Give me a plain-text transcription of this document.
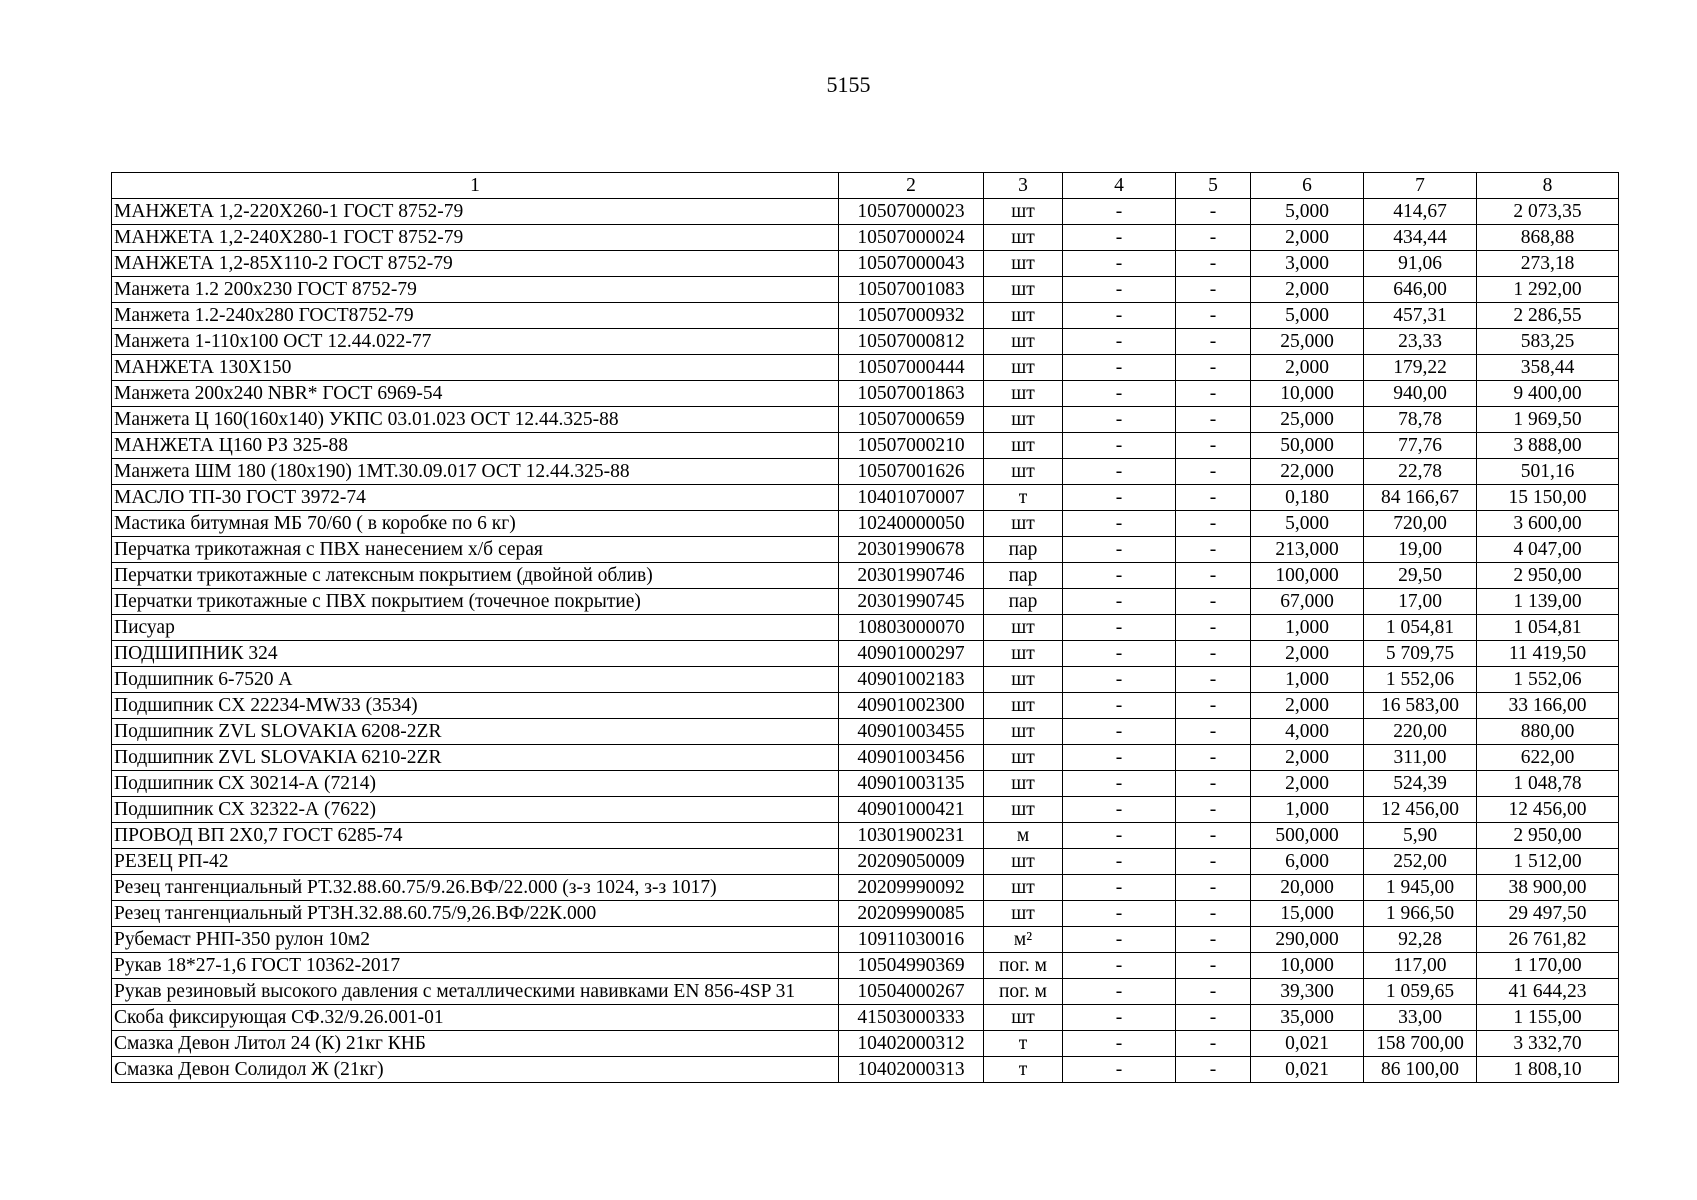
5155
1	2	3	4	5	6	7	8
МАНЖЕТА 1,2-220Х260-1 ГОСТ 8752-79	10507000023	шт	-	-	5,000	414,67	2 073,35
МАНЖЕТА 1,2-240Х280-1 ГОСТ 8752-79	10507000024	шт	-	-	2,000	434,44	868,88
МАНЖЕТА 1,2-85Х110-2 ГОСТ 8752-79	10507000043	шт	-	-	3,000	91,06	273,18
Манжета 1.2 200х230 ГОСТ 8752-79	10507001083	шт	-	-	2,000	646,00	1 292,00
Манжета 1.2-240х280 ГОСТ8752-79	10507000932	шт	-	-	5,000	457,31	2 286,55
Манжета 1-110х100 ОСТ 12.44.022-77	10507000812	шт	-	-	25,000	23,33	583,25
МАНЖЕТА 130Х150	10507000444	шт	-	-	2,000	179,22	358,44
Манжета 200х240 NBR* ГОСТ 6969-54	10507001863	шт	-	-	10,000	940,00	9 400,00
Манжета Ц 160(160х140) УКПС 03.01.023 ОСТ 12.44.325-88	10507000659	шт	-	-	25,000	78,78	1 969,50
МАНЖЕТА Ц160 РЗ 325-88	10507000210	шт	-	-	50,000	77,76	3 888,00
Манжета ШМ 180 (180х190) 1МТ.30.09.017 ОСТ 12.44.325-88	10507001626	шт	-	-	22,000	22,78	501,16
МАСЛО ТП-30 ГОСТ 3972-74	10401070007	т	-	-	0,180	84 166,67	15 150,00
Мастика битумная МБ 70/60 ( в коробке по 6 кг)	10240000050	шт	-	-	5,000	720,00	3 600,00
Перчатка трикотажная с ПВХ нанесением х/б серая	20301990678	пар	-	-	213,000	19,00	4 047,00
Перчатки трикотажные с латексным покрытием (двойной облив)	20301990746	пар	-	-	100,000	29,50	2 950,00
Перчатки трикотажные с ПВХ покрытием (точечное покрытие)	20301990745	пар	-	-	67,000	17,00	1 139,00
Писуар	10803000070	шт	-	-	1,000	1 054,81	1 054,81
ПОДШИПНИК 324	40901000297	шт	-	-	2,000	5 709,75	11 419,50
Подшипник 6-7520 А	40901002183	шт	-	-	1,000	1 552,06	1 552,06
Подшипник CX 22234-MW33 (3534)	40901002300	шт	-	-	2,000	16 583,00	33 166,00
Подшипник ZVL SLOVAKIA 6208-2ZR	40901003455	шт	-	-	4,000	220,00	880,00
Подшипник ZVL SLOVAKIA 6210-2ZR	40901003456	шт	-	-	2,000	311,00	622,00
Подшипник СХ 30214-А (7214)	40901003135	шт	-	-	2,000	524,39	1 048,78
Подшипник СХ 32322-А (7622)	40901000421	шт	-	-	1,000	12 456,00	12 456,00
ПРОВОД ВП 2Х0,7 ГОСТ 6285-74	10301900231	м	-	-	500,000	5,90	2 950,00
РЕЗЕЦ РП-42	20209050009	шт	-	-	6,000	252,00	1 512,00
Резец тангенциальный РТ.32.88.60.75/9.26.ВФ/22.000 (з-з 1024, з-з 1017)	20209990092	шт	-	-	20,000	1 945,00	38 900,00
Резец тангенциальный РТЗН.32.88.60.75/9,26.ВФ/22К.000	20209990085	шт	-	-	15,000	1 966,50	29 497,50
Рубемаст РНП-350 рулон 10м2	10911030016	м²	-	-	290,000	92,28	26 761,82
Рукав 18*27-1,6 ГОСТ 10362-2017	10504990369	пог. м	-	-	10,000	117,00	1 170,00
Рукав резиновый высокого давления с металлическими навивками EN 856-4SP 31	10504000267	пог. м	-	-	39,300	1 059,65	41 644,23
Скоба фиксирующая СФ.32/9.26.001-01	41503000333	шт	-	-	35,000	33,00	1 155,00
Смазка Девон Литол 24 (К) 21кг КНБ	10402000312	т	-	-	0,021	158 700,00	3 332,70
Смазка Девон Солидол Ж (21кг)	10402000313	т	-	-	0,021	86 100,00	1 808,10
